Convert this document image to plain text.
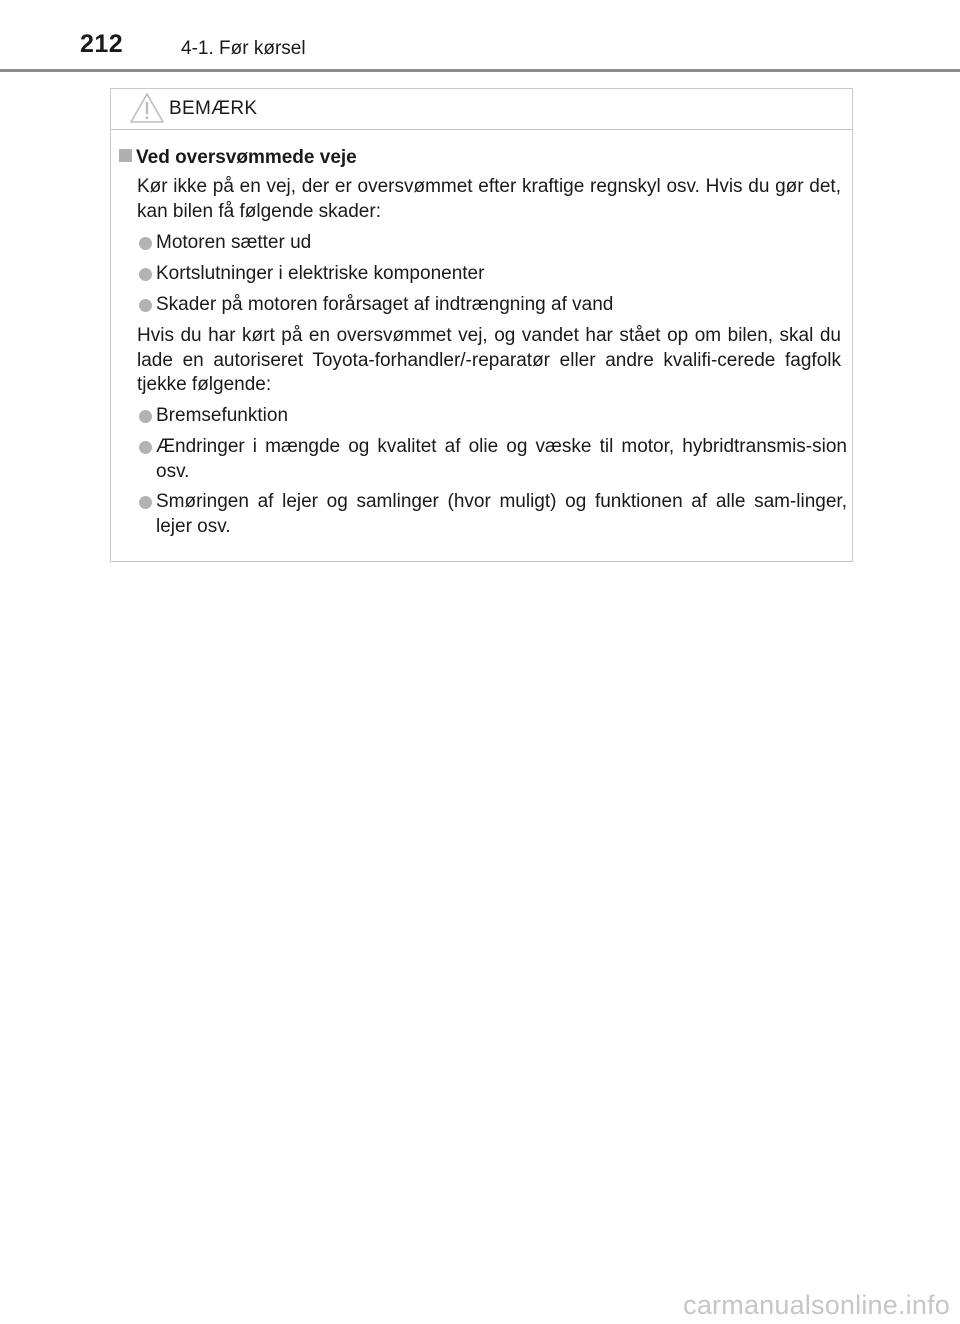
212	4-1. Før kørsel
BEMÆRK
Ved oversvømmede veje
Kør ikke på en vej, der er oversvømmet efter kraftige regnskyl osv. Hvis du gør det, kan bilen få følgende skader:
Motoren sætter ud
Kortslutninger i elektriske komponenter
Skader på motoren forårsaget af indtrængning af vand
Hvis du har kørt på en oversvømmet vej, og vandet har stået op om bilen, skal du lade en autoriseret Toyota-forhandler/-reparatør eller andre kvalifi-cerede fagfolk tjekke følgende:
Bremsefunktion
Ændringer i mængde og kvalitet af olie og væske til motor, hybridtransmis-sion osv.
Smøringen af lejer og samlinger (hvor muligt) og funktionen af alle sam-linger, lejer osv.
carmanualsonline.info
